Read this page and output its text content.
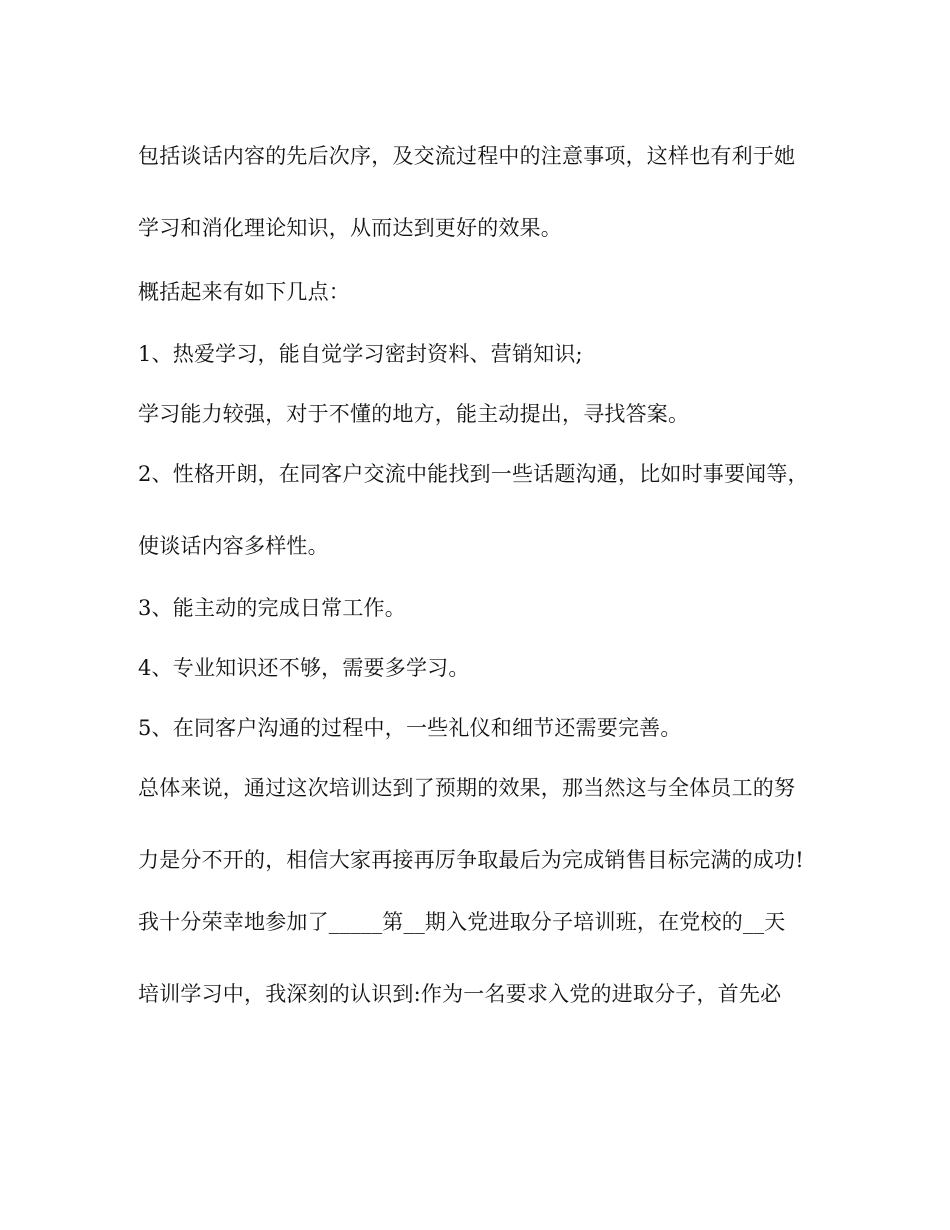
包括谈话内容的先后次序，及交流过程中的注意事项，这样也有利于她
学习和消化理论知识，从而达到更好的效果。
概括起来有如下几点：
1、热爱学习，能自觉学习密封资料、营销知识;
学习能力较强，对于不懂的地方，能主动提出，寻找答案。
2、性格开朗，在同客户交流中能找到一些话题沟通，比如时事要闻等，
使谈话内容多样性。
3、能主动的完成日常工作。
4、专业知识还不够，需要多学习。
5、在同客户沟通的过程中，一些礼仪和细节还需要完善。
总体来说，通过这次培训达到了预期的效果，那当然这与全体员工的努
力是分不开的，相信大家再接再厉争取最后为完成销售目标完满的成功!
我十分荣幸地参加了_____第__期入党进取分子培训班，在党校的__天
培训学习中，我深刻的认识到:作为一名要求入党的进取分子，首先必
